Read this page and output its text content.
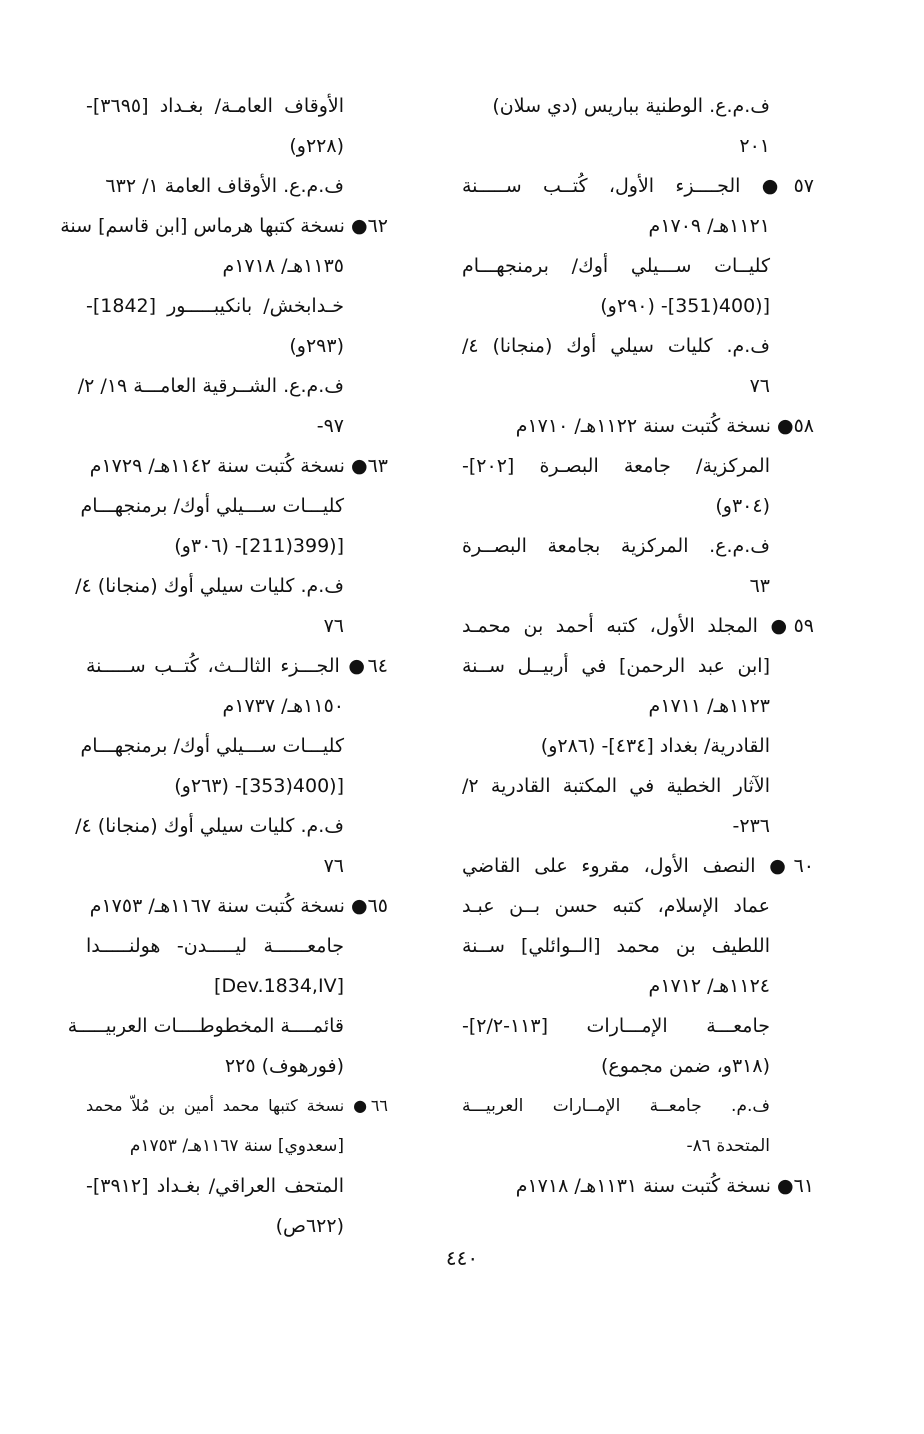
ف.م.ع. الوطنية بباريس (دي سلان)
٢٠١
٥٧● الجــــزء الأول، كُتــب ســـــنة
١١٢١هـ/ ١٧٠٩م
كليــات ســـيلي أوك/ برمنجهـــام
[(400(351]- (٢٩٠و)
ف.م. كليات سيلي أوك (منجانا) ٤/
٧٦
٥٨● نسخة كُتبت سنة ١١٢٢هـ/ ١٧١٠م
المركزية/ جامعة البصـرة [٢٠٢]-
(٣٠٤و)
ف.م.ع. المركزية بجامعة البصــرة
٦٣
٥٩● المجلد الأول، كتبه أحمد بن محمـد
[ابن عبد الرحمن] في أربيــل ســنة
١١٢٣هـ/ ١٧١١م
القادرية/ بغداد [٤٣٤]- (٢٨٦و)
الآثار الخطية في المكتبة القادرية ٢/
٢٣٦-
٦٠● النصف الأول، مقروء على القاضي
عماد الإسلام، كتبه حسن بــن عبـد
اللطيف بن محمد [الــوائلي] ســنة
١١٢٤هـ/ ١٧١٢م
جامعـــة الإمـــارات [١١٣-٢/٢]-
(٣١٨و، ضمن مجموع)
ف.م. جامعــة الإمــارات العربيـــة
المتحدة ٨٦-
٦١● نسخة كُتبت سنة ١١٣١هـ/ ١٧١٨م
الأوقاف العامـة/ بغـداد [٣٦٩٥]-
(٢٢٨و)
ف.م.ع. الأوقاف العامة ١/ ٦٣٢
٦٢● نسخة كتبها هرماس [ابن قاسم] سنة
١١٣٥هـ/ ١٧١٨م
خـدابخش/ بانكيبـــــور [1842]-
(٢٩٣و)
ف.م.ع. الشــرقية العامـــة ١٩/ ٢/
٩٧-
٦٣● نسخة كُتبت سنة ١١٤٢هـ/ ١٧٢٩م
كليـــات ســـيلي أوك/ برمنجهـــام
[(399(211]- (٣٠٦و)
ف.م. كليات سيلي أوك (منجانا) ٤/
٧٦
٦٤● الجـــزء الثالــث، كُتــب ســـــنة
١١٥٠هـ/ ١٧٣٧م
كليـــات ســـيلي أوك/ برمنجهـــام
[(400(353]- (٢٦٣و)
ف.م. كليات سيلي أوك (منجانا) ٤/
٧٦
٦٥● نسخة كُتبت سنة ١١٦٧هـ/ ١٧٥٣م
جامعــــــة ليـــــدن- هولنـــــدا
[Dev.1834,IV]
قائمــــة المخطوطــــات العربيـــــة
(فورهوف) ٢٢٥
٦٦● نسخة كتبها محمد أمين بن مُلاّ محمد
[سعدوي] سنة ١١٦٧هـ/ ١٧٥٣م
المتحف العراقي/ بغـداد [٣٩١٢]-
(٦٢٢ص)
٤٤٠
